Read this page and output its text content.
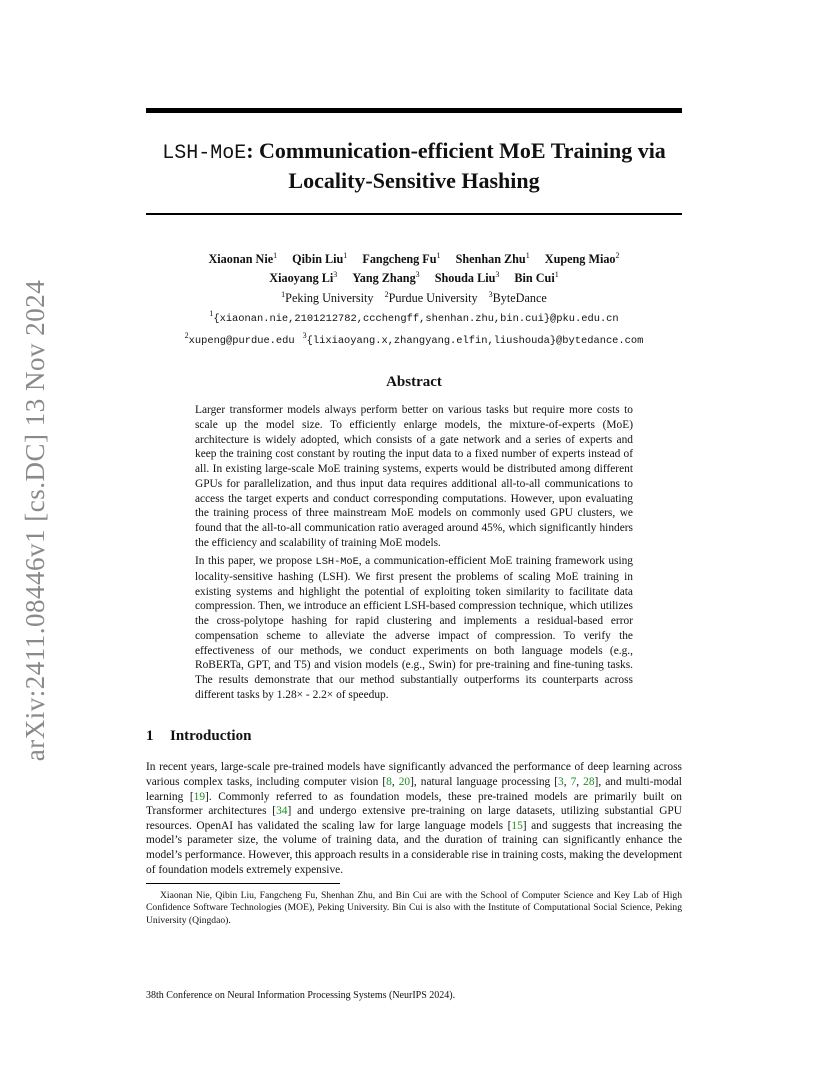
arXiv:2411.08446v1 [cs.DC] 13 Nov 2024
LSH-MoE: Communication-efficient MoE Training via
Locality-Sensitive Hashing
Xiaonan Nie$^1$ Qibin Liu$^1$ Fangcheng Fu$^1$ Shenhan Zhu$^1$ Xupeng Miao$^2$
Xiaoyang Li$^3$ Yang Zhang$^3$ Shouda Liu$^3$ Bin Cui$^1$
$^1$Peking University $^2$Purdue University $^3$ByteDance
$^1${xiaonan.nie,2101212782,ccchengff,shenhan.zhu,bin.cui}@pku.edu.cn
$^2$xupeng@purdue.edu $^3${lixiaoyang.x,zhangyang.elfin,liushouda}@bytedance.com
Abstract

Larger transformer models always perform better on various tasks but require more costs to scale up the model size. To efficiently enlarge models, the mixture-of-experts (MoE) architecture is widely adopted, which consists of a gate network and a series of experts and keep the training cost constant by routing the input data to a fixed number of experts instead of all. In existing large-scale MoE training systems, experts would be distributed among different GPUs for parallelization, and thus input data requires additional all-to-all communications to access the target experts and conduct corresponding computations. However, upon evaluating the training process of three mainstream MoE models on commonly used GPU clusters, we found that the all-to-all communication ratio averaged around 45%, which significantly hinders the efficiency and scalability of training MoE models.

In this paper, we propose LSH-MoE, a communication-efficient MoE training framework using locality-sensitive hashing (LSH). We first present the problems of scaling MoE training in existing systems and highlight the potential of exploiting token similarity to facilitate data compression. Then, we introduce an efficient LSH-based compression technique, which utilizes the cross-polytope hashing for rapid clustering and implements a residual-based error compensation scheme to alleviate the adverse impact of compression. To verify the effectiveness of our methods, we conduct experiments on both language models (e.g., RoBERTa, GPT, and T5) and vision models (e.g., Swin) for pre-training and fine-tuning tasks. The results demonstrate that our method substantially outperforms its counterparts across different tasks by 1.28× - 2.2× of speedup.

1 Introduction

In recent years, large-scale pre-trained models have significantly advanced the performance of deep learning across various complex tasks, including computer vision [8, 20], natural language processing [3, 7, 28], and multi-modal learning [19]. Commonly referred to as foundation models, these pre-trained models are primarily built on Transformer architectures [34] and undergo extensive pre-training on large datasets, utilizing substantial GPU resources. OpenAI has validated the scaling law for large language models [15] and suggests that increasing the model’s parameter size, the volume of training data, and the duration of training can significantly enhance the model’s performance. However, this approach results in a considerable rise in training costs, making the development of foundation models extremely expensive.

Xiaonan Nie, Qibin Liu, Fangcheng Fu, Shenhan Zhu, and Bin Cui are with the School of Computer Science and Key Lab of High Confidence Software Technologies (MOE), Peking University. Bin Cui is also with the Institute of Computational Social Science, Peking University (Qingdao).
38th Conference on Neural Information Processing Systems (NeurIPS 2024).
